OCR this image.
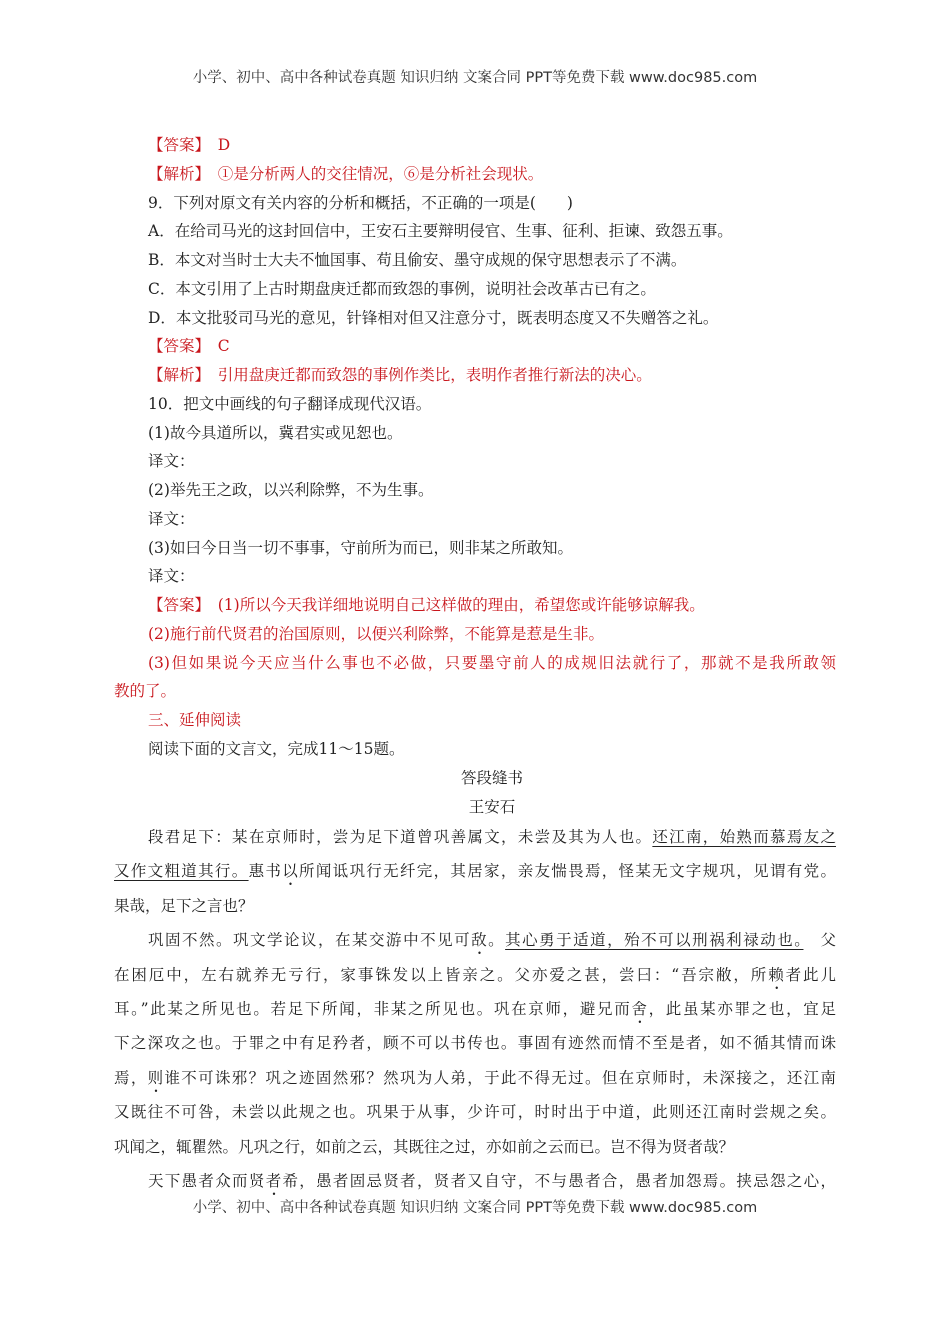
小学、初中、高中各种试卷真题 知识归纳 文案合同 PPT等免费下载 www.doc985.com
【答案】　D
【解析】　①是分析两人的交往情况，⑥是分析社会现状。
9．下列对原文有关内容的分析和概括，不正确的一项是(　　)
A．在给司马光的这封回信中，王安石主要辩明侵官、生事、征利、拒谏、致怨五事。
B．本文对当时士大夫不恤国事、苟且偷安、墨守成规的保守思想表示了不满。
C．本文引用了上古时期盘庚迁都而致怨的事例，说明社会改革古已有之。
D．本文批驳司马光的意见，针锋相对但又注意分寸，既表明态度又不失赠答之礼。
【答案】　C
【解析】　引用盘庚迁都而致怨的事例作类比，表明作者推行新法的决心。
10．把文中画线的句子翻译成现代汉语。
(1)故今具道所以，冀君实或见恕也。
译文：
(2)举先王之政，以兴利除弊，不为生事。
译文：
(3)如曰今日当一切不事事，守前所为而已，则非某之所敢知。
译文：
【答案】　(1)所以今天我详细地说明自己这样做的理由，希望您或许能够谅解我。
(2)施行前代贤君的治国原则，以便兴利除弊，不能算是惹是生非。
(3)但如果说今天应当什么事也不必做，只要墨守前人的成规旧法就行了，那就不是我所敢领
教的了。
三、延伸阅读
阅读下面的文言文，完成11～15题。
答段缝书
王安石
段君足下：某在京师时，尝为足下道曾巩善属文，未尝及其为人也。还江南，始熟而慕焉友之
又作文粗道其行。惠书以所闻诋巩行无纤完，其居家，亲友惴畏焉，怪某无文字规巩，见谓有党。
果哉，足下之言也？
巩固不然。巩文学论议，在某交游中不见可敌。其心勇于适道，殆不可以刑祸利禄动也。　父
在困厄中，左右就养无亏行，家事铢发以上皆亲之。父亦爱之甚，尝曰：“吾宗敝，所赖者此儿
耳。”此某之所见也。若足下所闻，非某之所见也。巩在京师，避兄而舍，此虽某亦罪之也，宜足
下之深攻之也。于罪之中有足矜者，顾不可以书传也。事固有迹然而情不至是者，如不循其情而诛
焉，则谁不可诛邪？巩之迹固然邪？然巩为人弟，于此不得无过。但在京师时，未深接之，还江南
又既往不可咎，未尝以此规之也。巩果于从事，少许可，时时出于中道，此则还江南时尝规之矣。
巩闻之，辄瞿然。凡巩之行，如前之云，其既往之过，亦如前之云而已。岂不得为贤者哉？
天下愚者众而贤者希，愚者固忌贤者，贤者又自守，不与愚者合，愚者加怨焉。挟忌怨之心，
小学、初中、高中各种试卷真题 知识归纳 文案合同 PPT等免费下载 www.doc985.com
